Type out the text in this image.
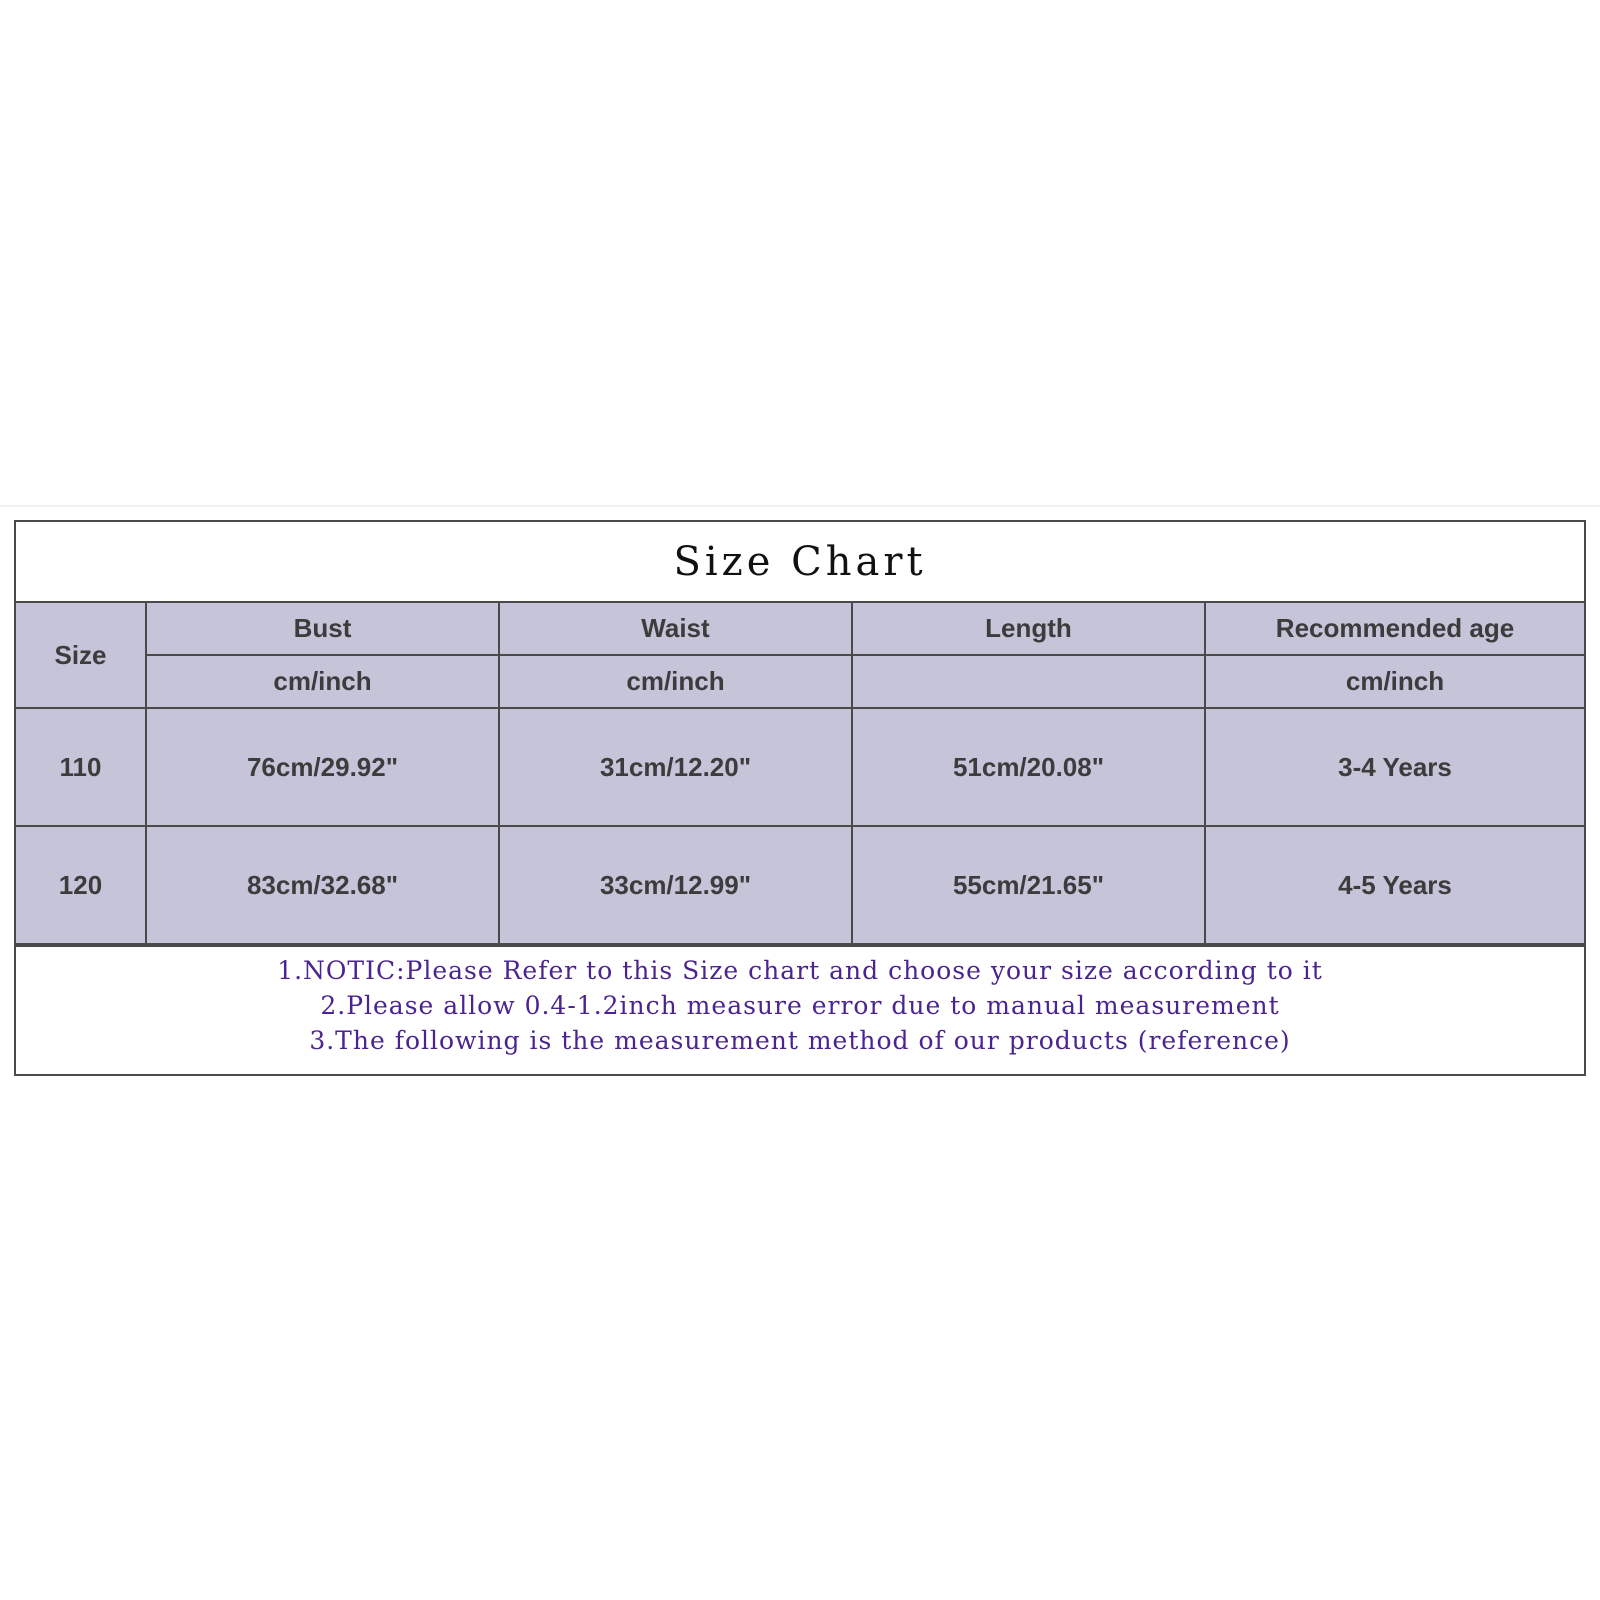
Size Chart
Size	Bust	Waist	Length	Recommended age
	cm/inch	cm/inch		cm/inch
110	76cm/29.92"	31cm/12.20"	51cm/20.08"	3-4 Years
120	83cm/32.68"	33cm/12.99"	55cm/21.65"	4-5 Years
1.NOTIC:Please Refer to this Size chart and choose your size according to it
2.Please allow 0.4-1.2inch measure error due to manual measurement
3.The following is the measurement method of our products (reference)
